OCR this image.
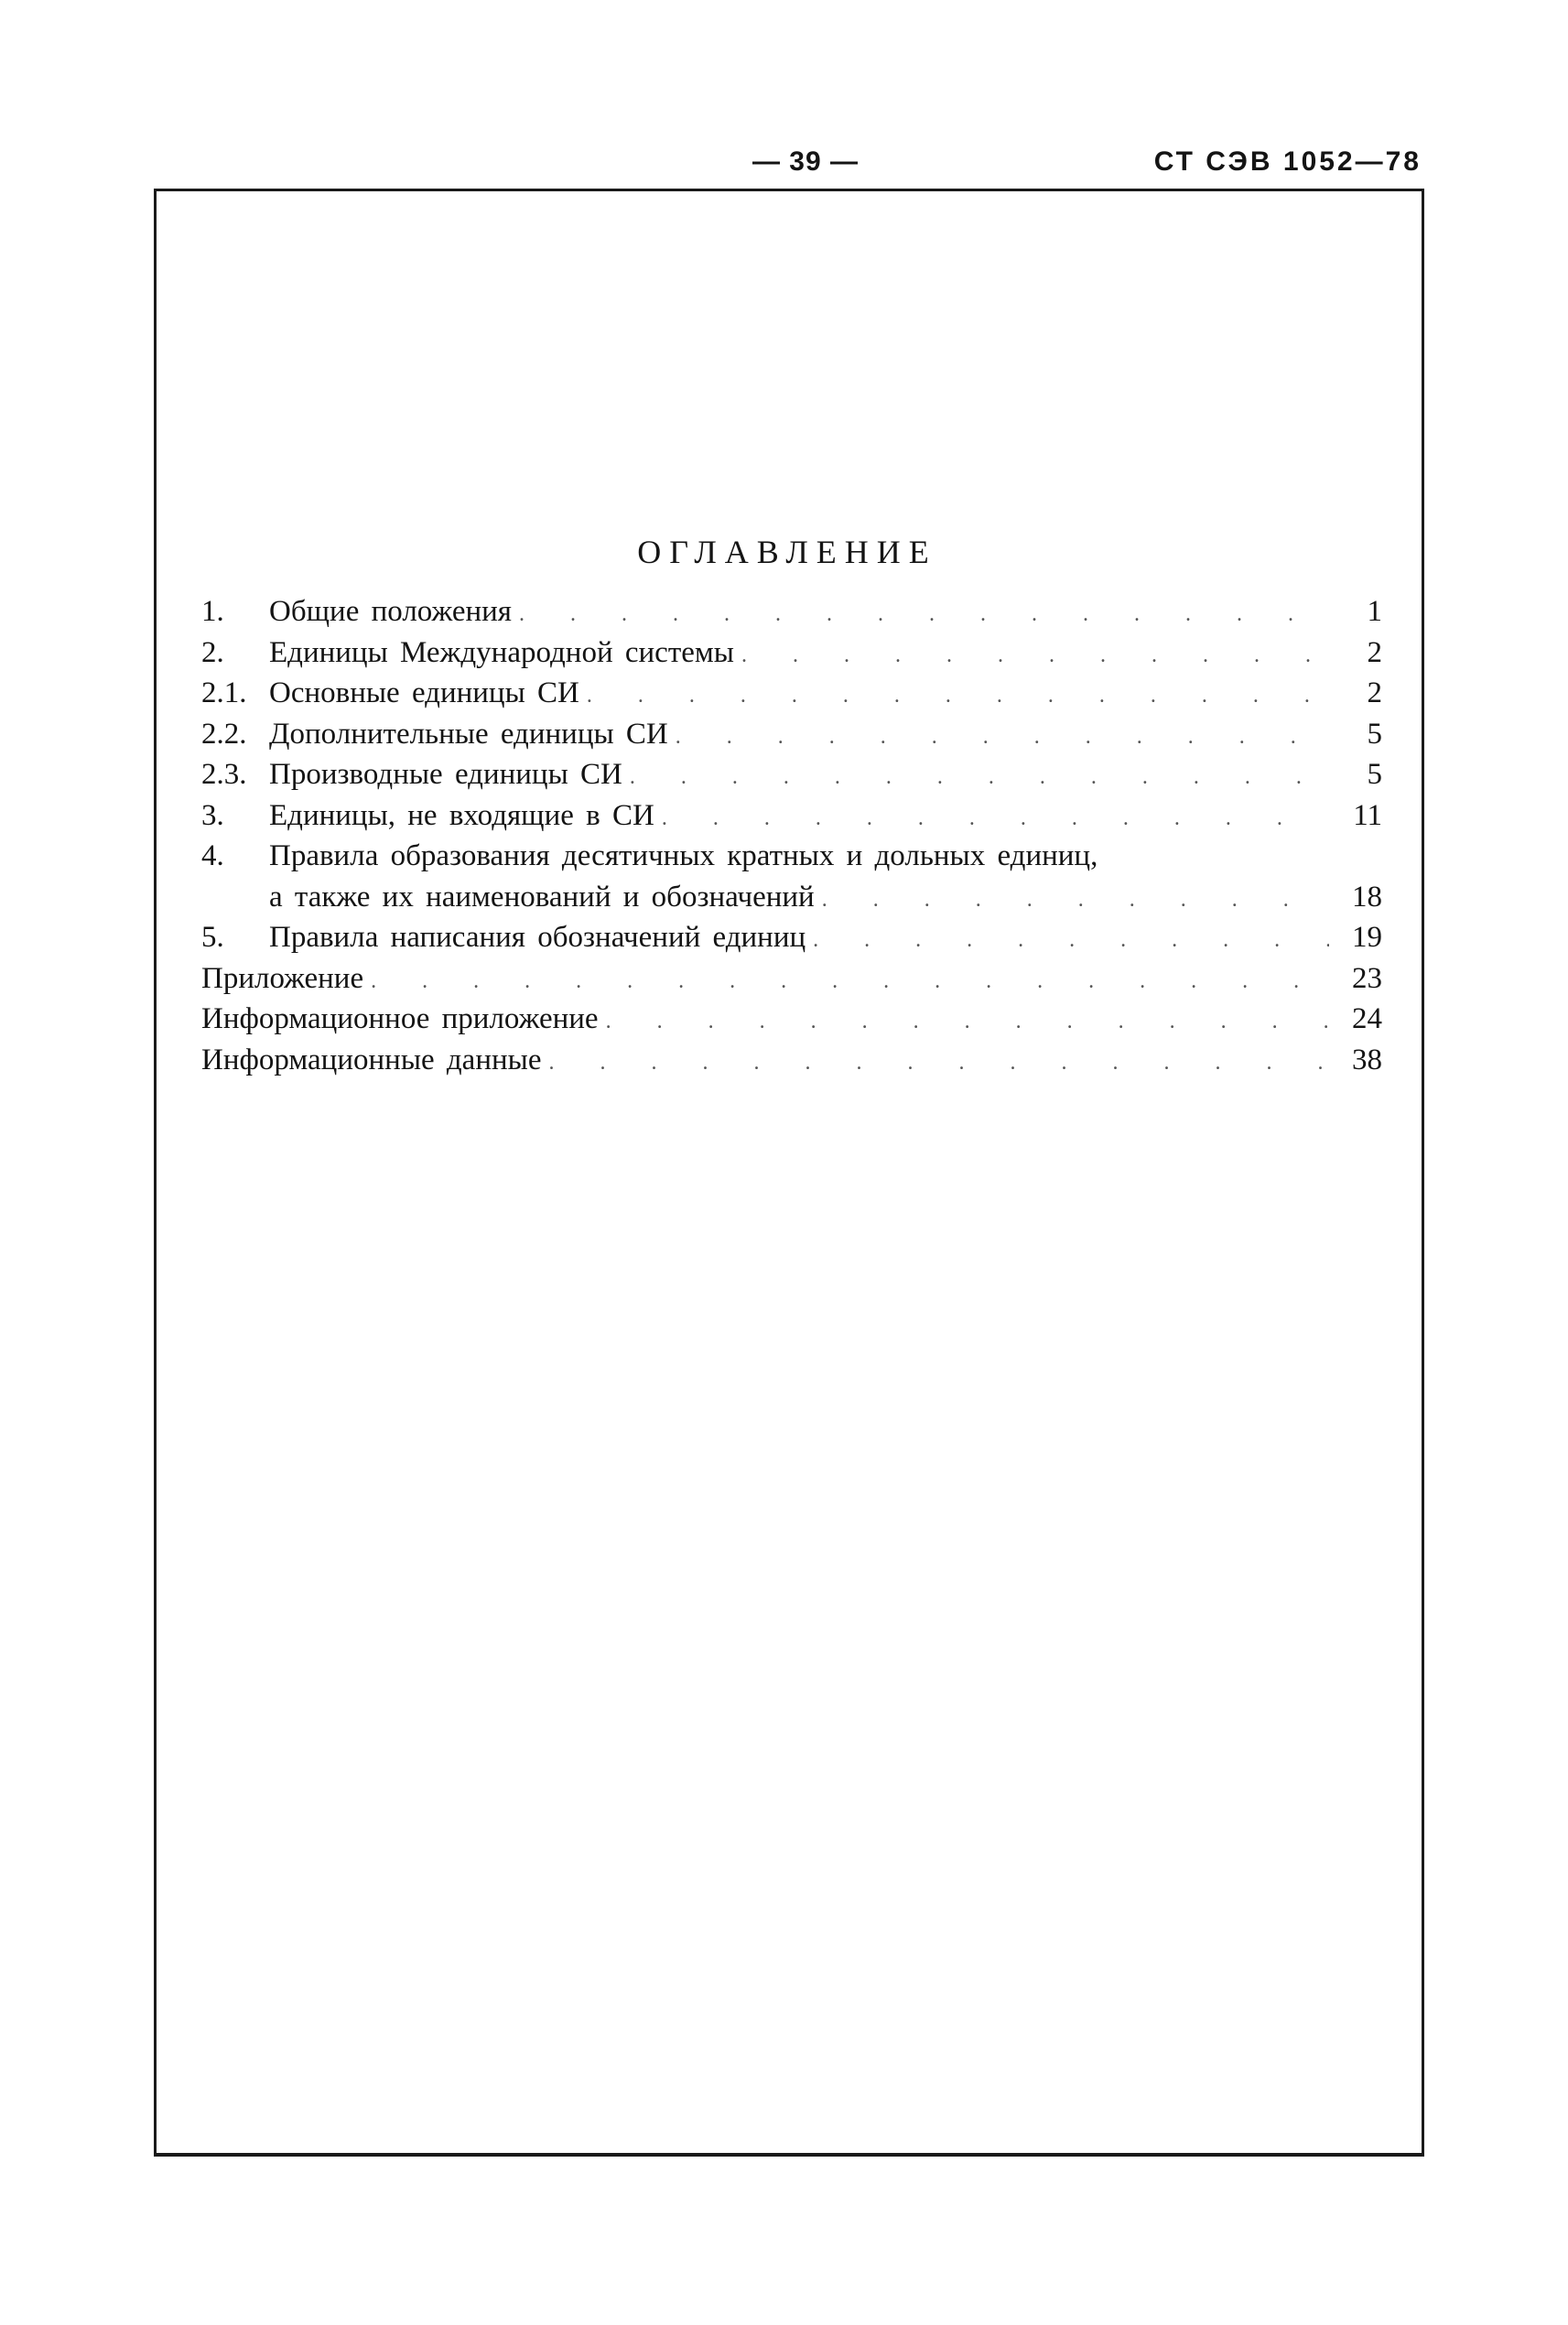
— 39 —	СТ СЭВ 1052—78
ОГЛАВЛЕНИЕ
1.	Общие положения . . .	1
2.	Единицы Международной системы . . .	2
2.1. Основные единицы СИ . . .	2
2.2. Дополнительные единицы СИ . . .	5
2.3. Производные единицы СИ . . .	5
3.	Единицы, не входящие в СИ . . .	11
4.	Правила образования десятичных кратных и дольных единиц,
а также их наименований и обозначений . . .	18
5.	Правила написания обозначений единиц . . .	19
Приложение . . .	23
Информационное приложение . . .	24
Информационные данные . . .	38
